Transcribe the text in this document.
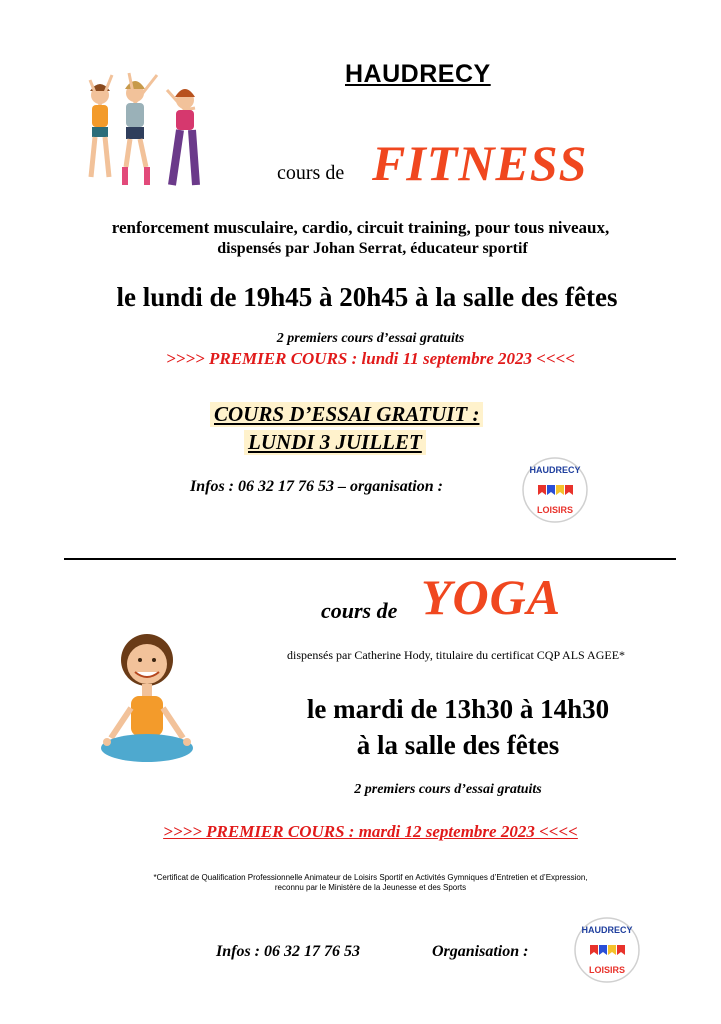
HAUDRECY
cours de FITNESS
renforcement musculaire, cardio, circuit training, pour tous niveaux,
dispensés par Johan Serrat, éducateur sportif
le lundi de 19h45 à 20h45 à la salle des fêtes
2 premiers cours d’essai gratuits
>>>> PREMIER COURS : lundi 11 septembre 2023 <<<<
COURS D’ESSAI GRATUIT :
LUNDI 3 JUILLET
Infos : 06 32 17 76 53 – organisation :
HAUDRECY
LOISIRS
cours de YOGA
dispensés par Catherine Hody, titulaire du certificat CQP ALS AGEE*
le mardi de 13h30 à 14h30
à la salle des fêtes
2 premiers cours d’essai gratuits
>>>> PREMIER COURS : mardi 12 septembre 2023 <<<<
*Certificat de Qualification Professionnelle Animateur de Loisirs Sportif en Activités Gymniques d’Entretien et d’Expression,
reconnu par le Ministère de la Jeunesse et des Sports
Infos : 06 32 17 76 53	Organisation :
HAUDRECY
LOISIRS
